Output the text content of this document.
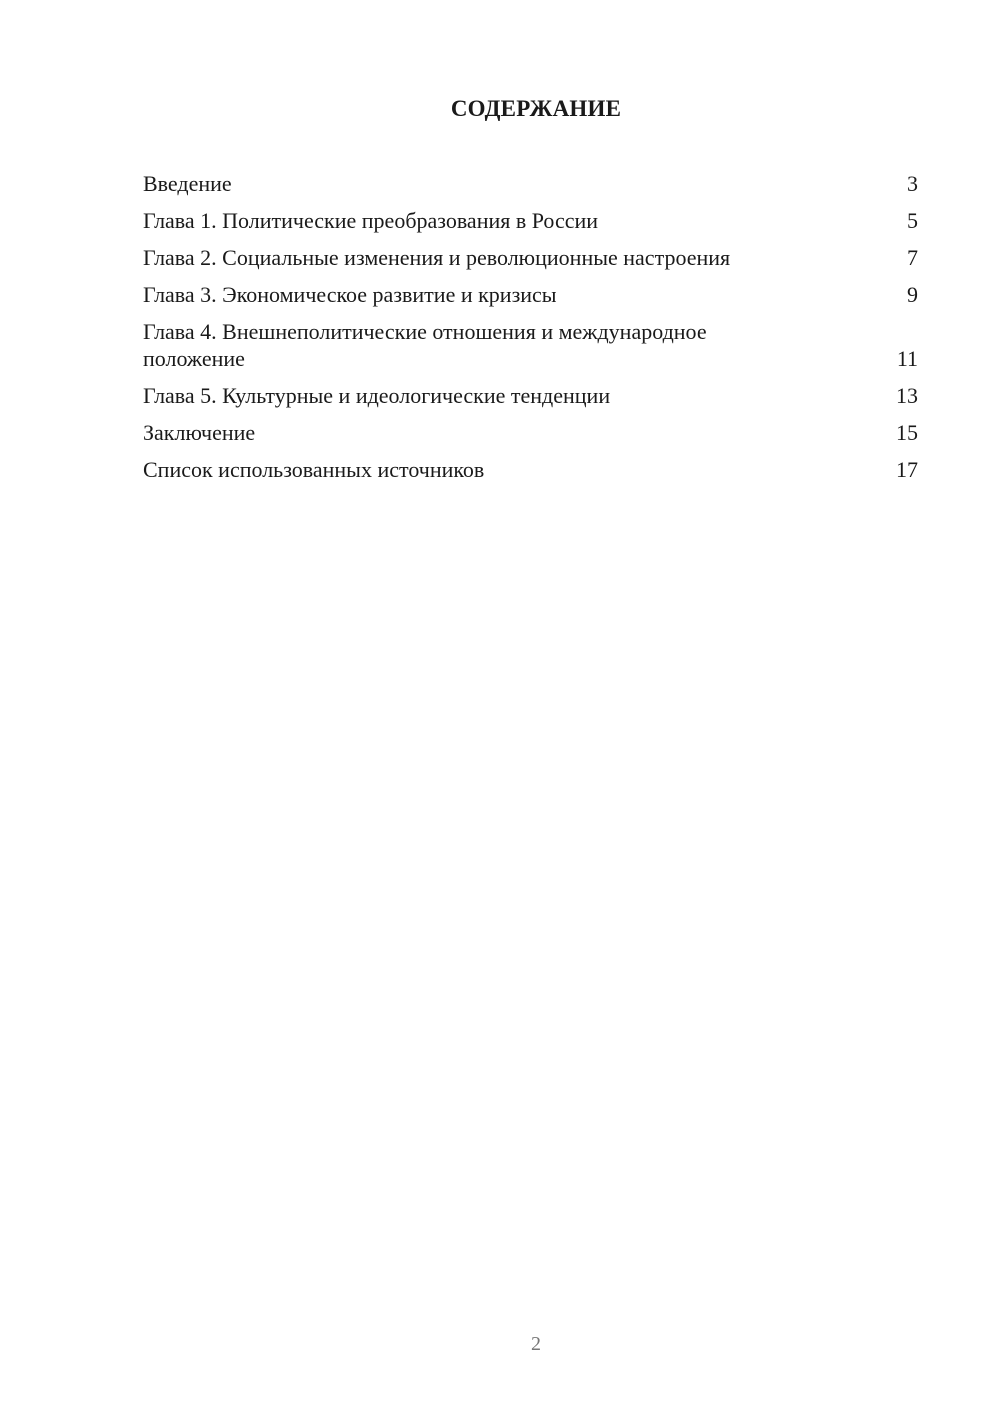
СОДЕРЖАНИЕ
Введение	3
Глава 1. Политические преобразования в России	5
Глава 2. Социальные изменения и революционные настроения	7
Глава 3. Экономическое развитие и кризисы	9
Глава 4. Внешнеполитические отношения и международное положение	11
Глава 5. Культурные и идеологические тенденции	13
Заключение	15
Список использованных источников	17
2
